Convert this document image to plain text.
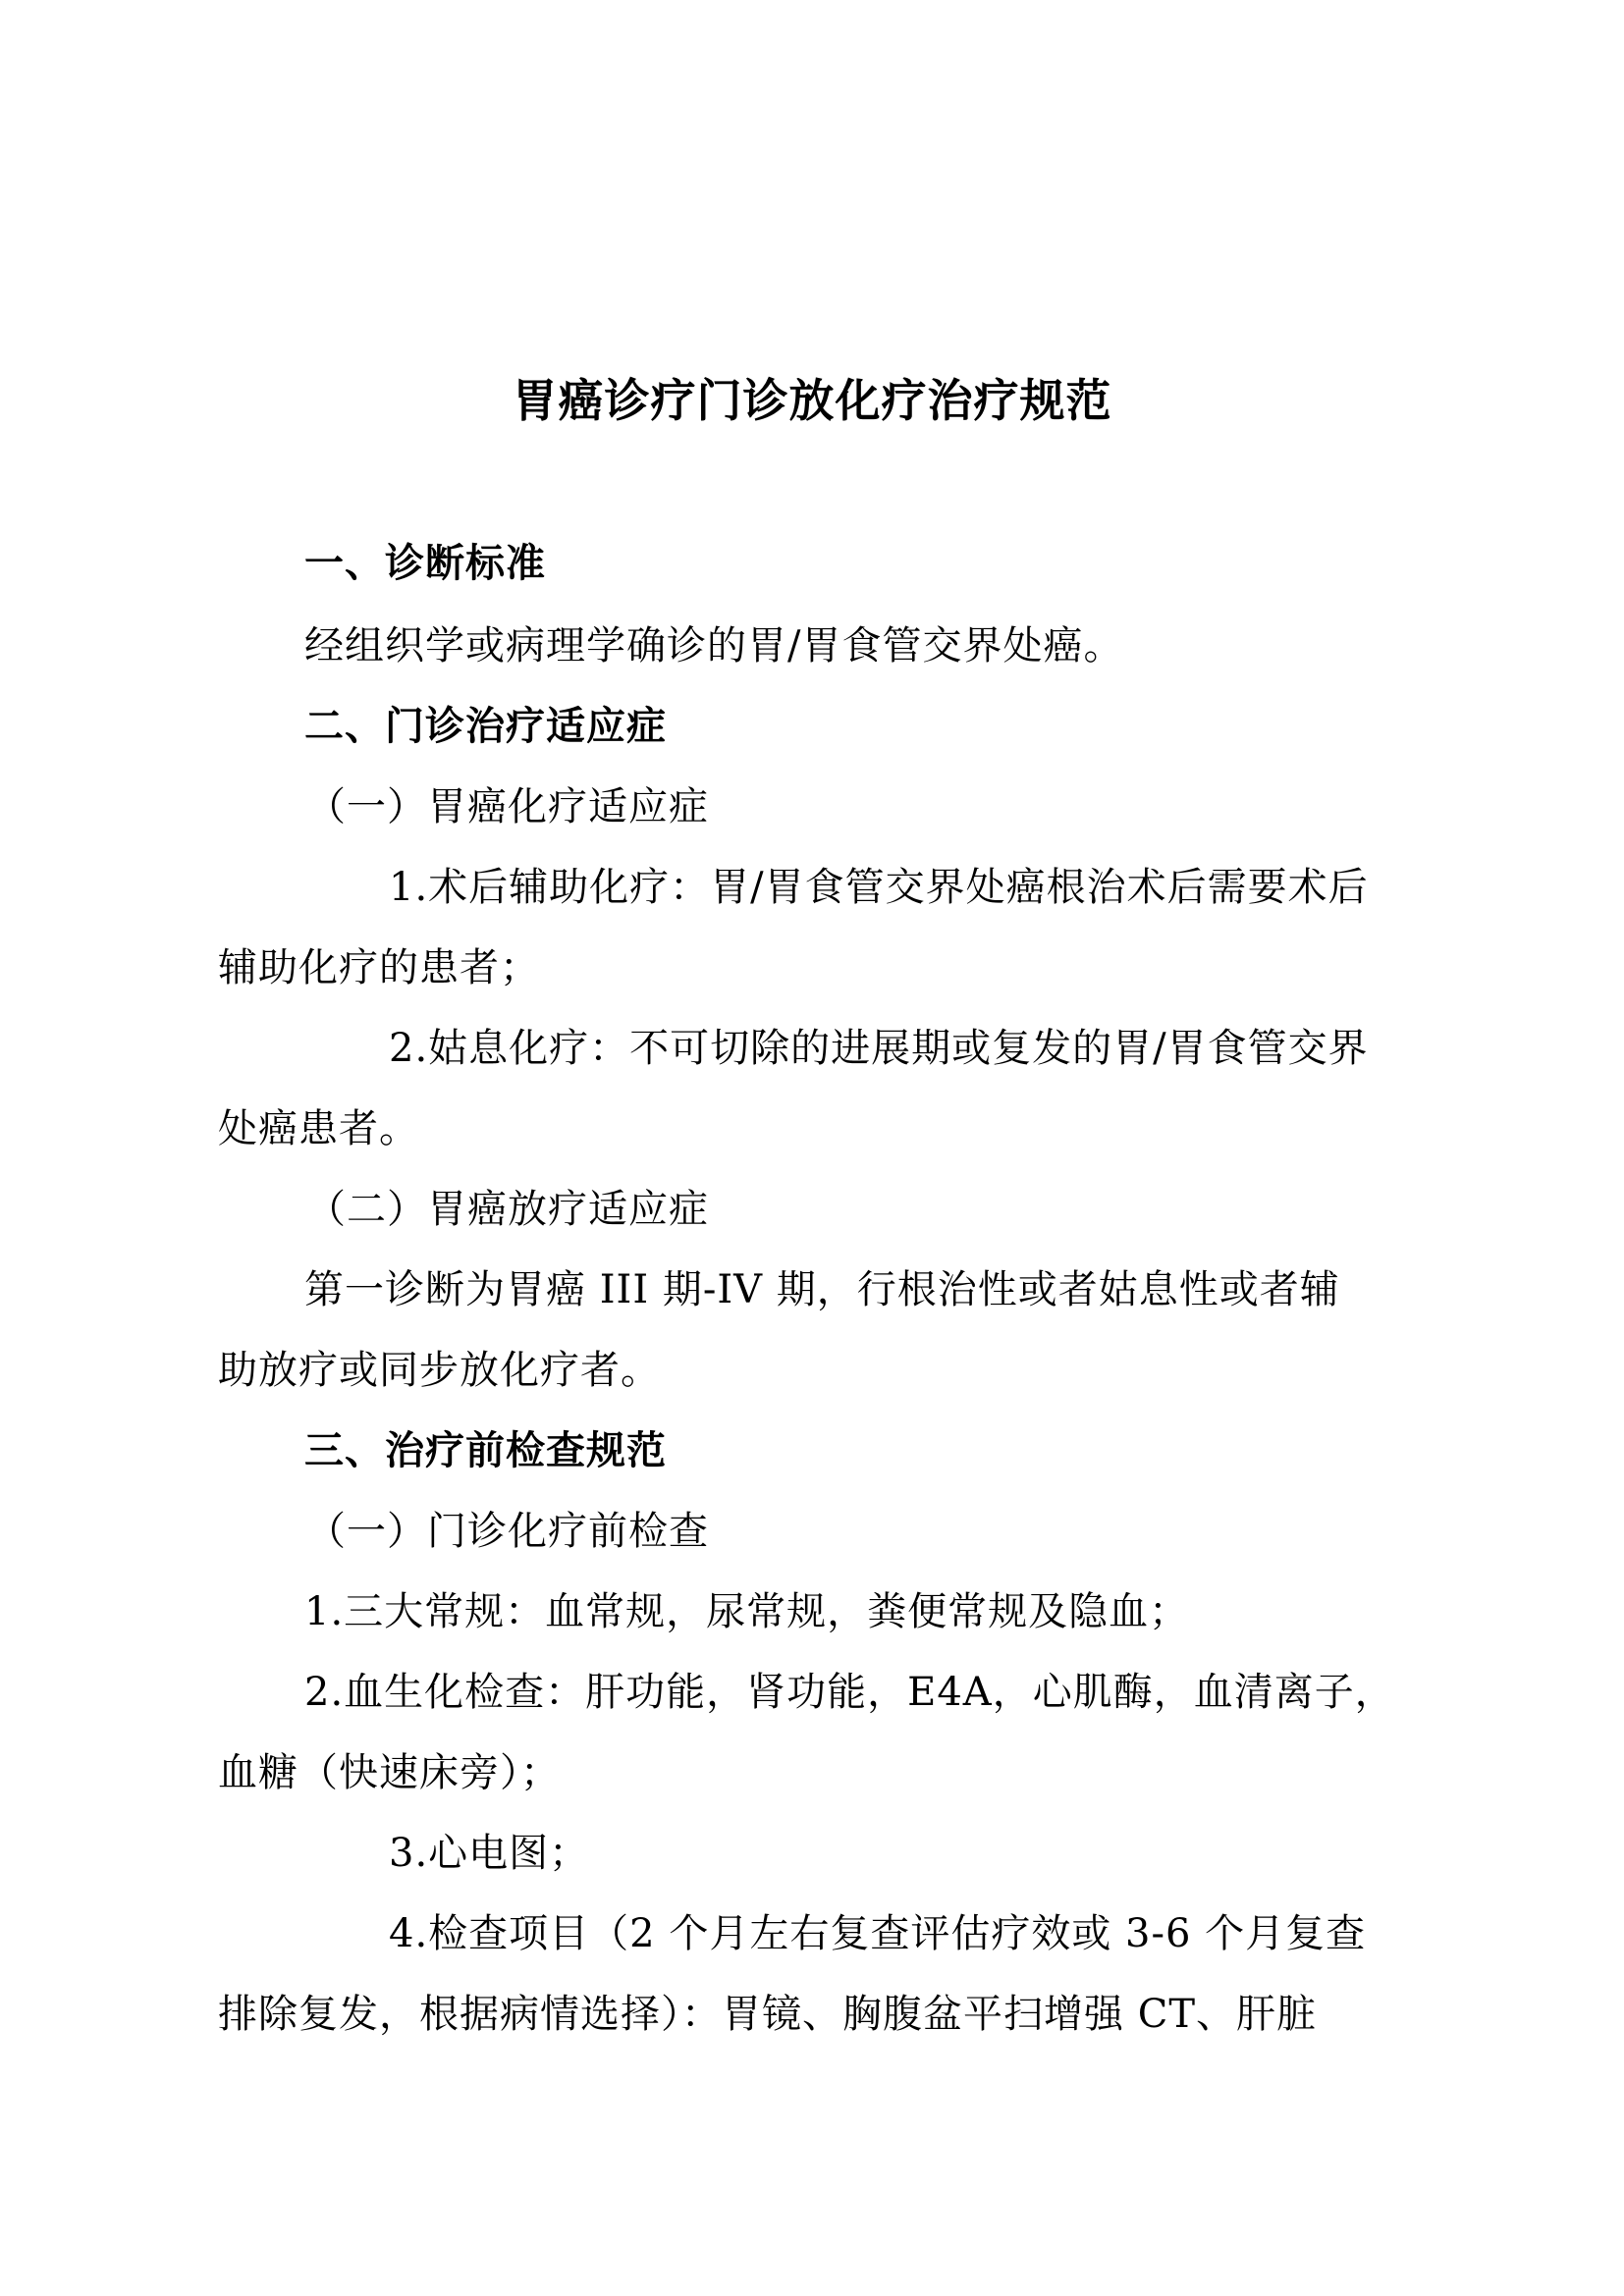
胃癌诊疗门诊放化疗治疗规范
一、诊断标准
经组织学或病理学确诊的胃/胃食管交界处癌。
二、门诊治疗适应症
（一）胃癌化疗适应症
1.术后辅助化疗：胃/胃食管交界处癌根治术后需要术后
辅助化疗的患者；
2.姑息化疗：不可切除的进展期或复发的胃/胃食管交界
处癌患者。
（二）胃癌放疗适应症
第一诊断为胃癌 III 期-IV 期，行根治性或者姑息性或者辅
助放疗或同步放化疗者。
三、治疗前检查规范
（一）门诊化疗前检查
1.三大常规：血常规，尿常规，粪便常规及隐血；
2.血生化检查：肝功能，肾功能，E4A，心肌酶，血清离子，
血糖（快速床旁）；
3.心电图；
4.检查项目（2 个月左右复查评估疗效或 3-6 个月复查
排除复发，根据病情选择）：胃镜、胸腹盆平扫增强 CT、肝脏
